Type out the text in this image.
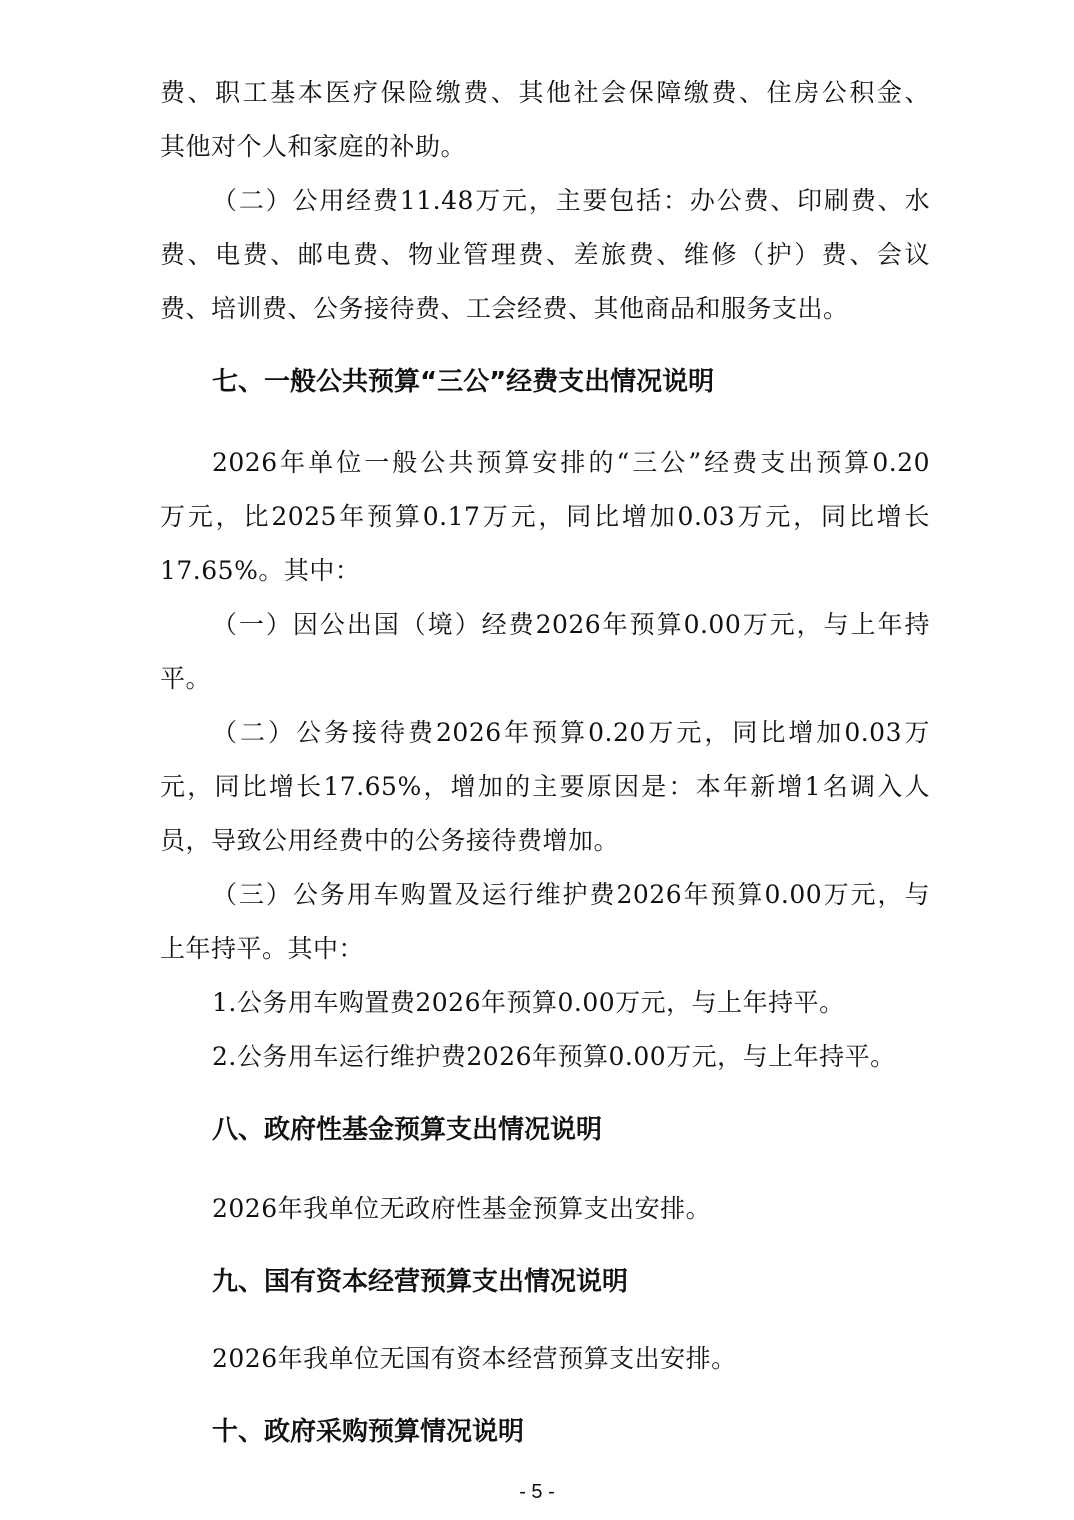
费、职工基本医疗保险缴费、其他社会保障缴费、住房公积金、
其他对个人和家庭的补助。
（二）公用经费11.48万元，主要包括：办公费、印刷费、水
费、电费、邮电费、物业管理费、差旅费、维修（护）费、会议
费、培训费、公务接待费、工会经费、其他商品和服务支出。
七、一般公共预算“三公”经费支出情况说明
2026年单位一般公共预算安排的“三公”经费支出预算0.20
万元，比2025年预算0.17万元，同比增加0.03万元，同比增长
17.65%。其中：
（一）因公出国（境）经费2026年预算0.00万元，与上年持
平。
（二）公务接待费2026年预算0.20万元，同比增加0.03万
元，同比增长17.65%，增加的主要原因是：本年新增1名调入人
员，导致公用经费中的公务接待费增加。
（三）公务用车购置及运行维护费2026年预算0.00万元，与
上年持平。其中：
1.公务用车购置费2026年预算0.00万元，与上年持平。
2.公务用车运行维护费2026年预算0.00万元，与上年持平。
八、政府性基金预算支出情况说明
2026年我单位无政府性基金预算支出安排。
九、国有资本经营预算支出情况说明
2026年我单位无国有资本经营预算支出安排。
十、政府采购预算情况说明
- 5 -
